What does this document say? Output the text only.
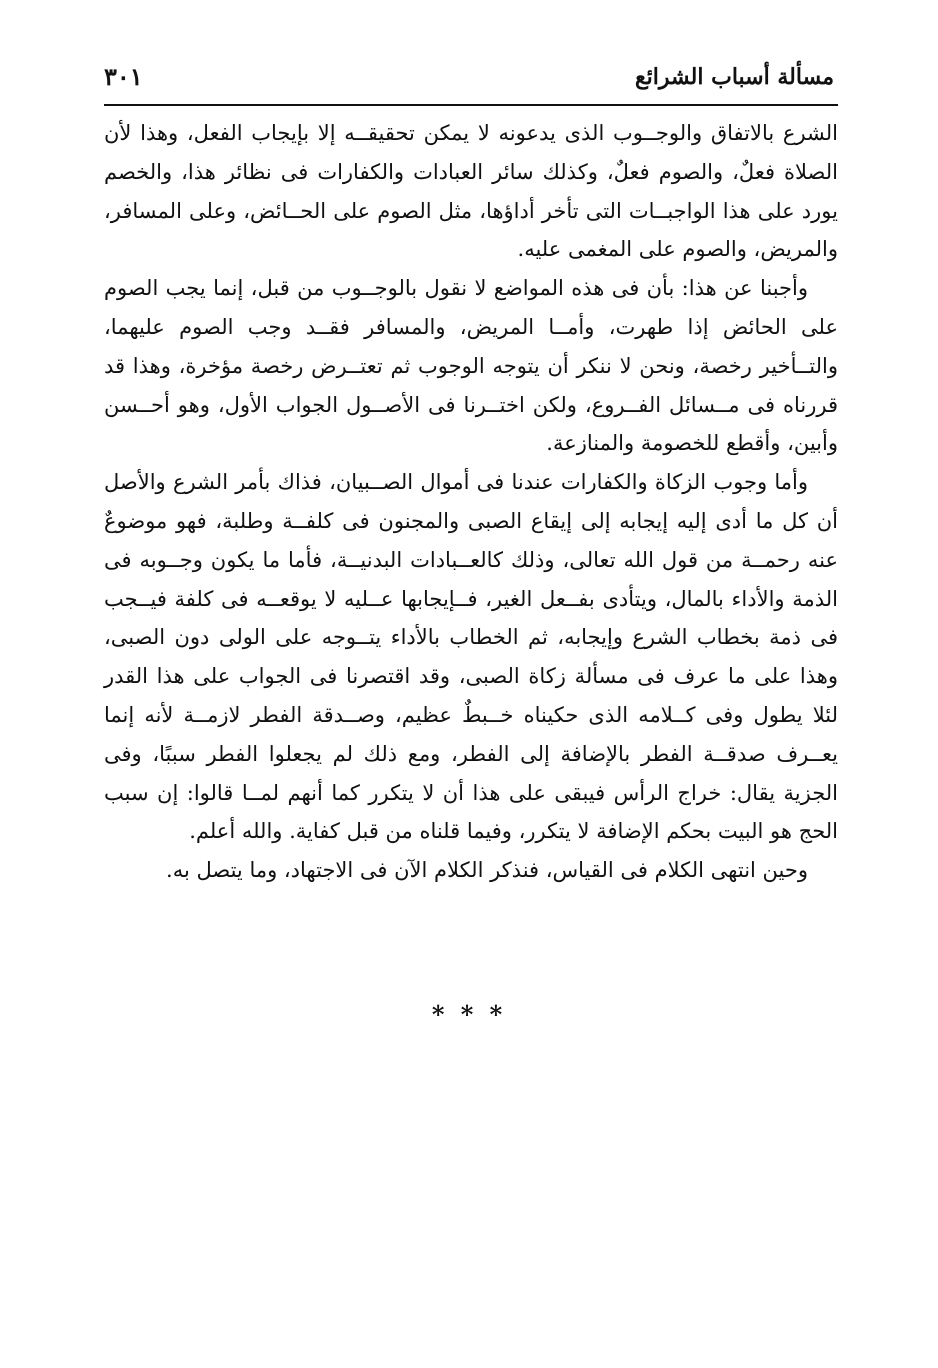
مسألة أسباب الشرائع
٣٠١

الشرع بالاتفاق والوجــوب الذى يدعونه لا يمكن تحقيقــه إلا بإيجاب الفعل، وهذا لأن الصلاة فعلٌ، والصوم فعلٌ، وكذلك سائر العبادات والكفارات فى نظائر هذا، والخصم يورد على هذا الواجبــات التى تأخر أداؤها، مثل الصوم على الحــائض، وعلى المسافر، والمريض، والصوم على المغمى عليه.

وأجبنا عن هذا: بأن فى هذه المواضع لا نقول بالوجــوب من قبل، إنما يجب الصوم على الحائض إذا طهرت، وأمــا المريض، والمسافر فقــد وجب الصوم عليهما، والتــأخير رخصة، ونحن لا ننكر أن يتوجه الوجوب ثم تعتــرض رخصة مؤخرة، وهذا قد قررناه فى مــسائل الفــروع، ولكن اختــرنا فى الأصــول الجواب الأول، وهو أحــسن وأبين، وأقطع للخصومة والمنازعة.

وأما وجوب الزكاة والكفارات عندنا فى أموال الصــبيان، فذاك بأمر الشرع والأصل أن كل ما أدى إليه إيجابه إلى إيقاع الصبى والمجنون فى كلفــة وطلبة، فهو موضوعٌ عنه رحمــة من قول الله تعالى، وذلك كالعــبادات البدنيــة، فأما ما يكون وجــوبه فى الذمة والأداء بالمال، ويتأدى بفــعل الغير، فــإيجابها عــليه لا يوقعــه فى كلفة فيــجب فى ذمة بخطاب الشرع وإيجابه، ثم الخطاب بالأداء يتــوجه على الولى دون الصبى، وهذا على ما عرف فى مسألة زكاة الصبى، وقد اقتصرنا فى الجواب على هذا القدر لئلا يطول وفى كــلامه الذى حكيناه خــبطٌ عظيم، وصــدقة الفطر لازمــة لأنه إنما يعــرف صدقــة الفطر بالإضافة إلى الفطر، ومع ذلك لم يجعلوا الفطر سببًا، وفى الجزية يقال: خراج الرأس فيبقى على هذا أن لا يتكرر كما أنهم لمــا قالوا: إن سبب الحج هو البيت بحكم الإضافة لا يتكرر، وفيما قلناه من قبل كفاية. والله أعلم.

وحين انتهى الكلام فى القياس، فنذكر الكلام الآن فى الاجتهاد، وما يتصل به.

* * *
